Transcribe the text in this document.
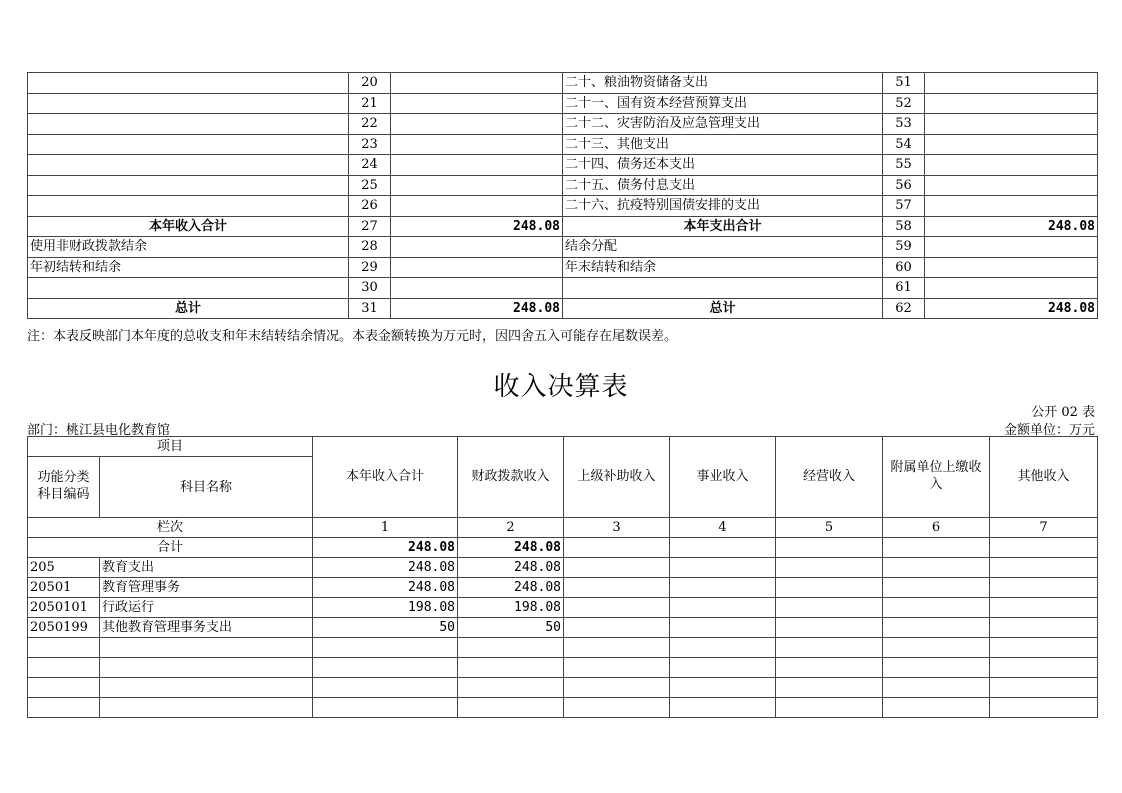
	20		二十、粮油物资储备支出	51	
	21		二十一、国有资本经营预算支出	52	
	22		二十二、灾害防治及应急管理支出	53	
	23		二十三、其他支出	54	
	24		二十四、债务还本支出	55	
	25		二十五、债务付息支出	56	
	26		二十六、抗疫特别国债安排的支出	57	
本年收入合计	27	248.08	本年支出合计	58	248.08
使用非财政拨款结余	28		结余分配	59	
年初结转和结余	29		年末结转和结余	60	
	30			61	
总计	31	248.08	总计	62	248.08
注：本表反映部门本年度的总收支和年末结转结余情况。本表金额转换为万元时，因四舍五入可能存在尾数误差。
收入决算表
公开 02 表
部门：桃江县电化教育馆	金额单位：万元
项目		本年收入合计	财政拨款收入	上级补助收入	事业收入	经营收入	附属单位上缴收入	其他收入
功能分类科目编码	科目名称							
栏次		1	2	3	4	5	6	7
合计		248.08	248.08					
205	教育支出	248.08	248.08					
20501	教育管理事务	248.08	248.08					
2050101	行政运行	198.08	198.08					
2050199	其他教育管理事务支出	50	50					
